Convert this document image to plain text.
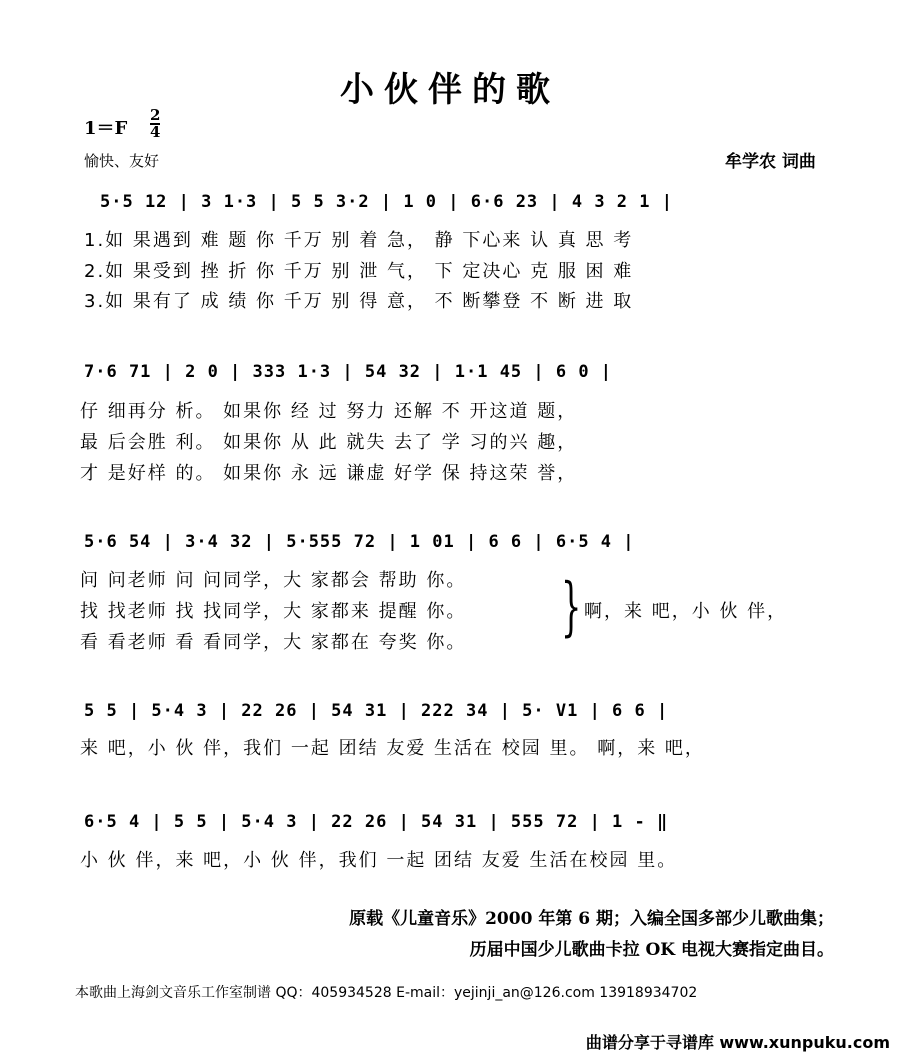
小伙伴的歌
1＝F
2
4
愉快、友好	牟学农 词曲
5·5 12 | 3 1·3 | 5 5 3·2 | 1 0 | 6·6 23 | 4 3 2 1 |
1.如 果遇到 难 题 你 千万 别 着 急， 静 下心来 认 真 思 考
2.如 果受到 挫 折 你 千万 别 泄 气， 下 定决心 克 服 困 难
3.如 果有了 成 绩 你 千万 别 得 意， 不 断攀登 不 断 进 取
7·6 71 | 2 0 | 333 1·3 | 54 32 | 1·1 45 | 6 0 |
仔 细再分 析。 如果你 经 过 努力 还解 不 开这道 题，
最 后会胜 利。 如果你 从 此 就失 去了 学 习的兴 趣，
才 是好样 的。 如果你 永 远 谦虚 好学 保 持这荣 誉，
5·6 54 | 3·4 32 | 5·555 72 | 1 01 | 6 6 | 6·5 4 |
问 问老师 问 问同学，大 家都会 帮助 你。
找 找老师 找 找同学，大 家都来 提醒 你。
看 看老师 看 看同学，大 家都在 夸奖 你。 } 啊，来 吧，小 伙 伴，
5 5 | 5·4 3 | 22 26 | 54 31 | 222 34 | 5· V1 | 6 6 |
来 吧，小 伙 伴，我们 一起 团结 友爱 生活在 校园 里。 啊，来 吧，
6·5 4 | 5 5 | 5·4 3 | 22 26 | 54 31 | 555 72 | 1 - ‖
小 伙 伴，来 吧，小 伙 伴，我们 一起 团结 友爱 生活在校园 里。
原载《儿童音乐》2000 年第 6 期；入编全国多部少儿歌曲集；
历届中国少儿歌曲卡拉 OK 电视大赛指定曲目。
本歌曲上海剑文音乐工作室制谱 QQ：405934528 E-mail：yejinji_an@126.com 13918934702
曲谱分享于寻谱库 www.xunpuku.com
